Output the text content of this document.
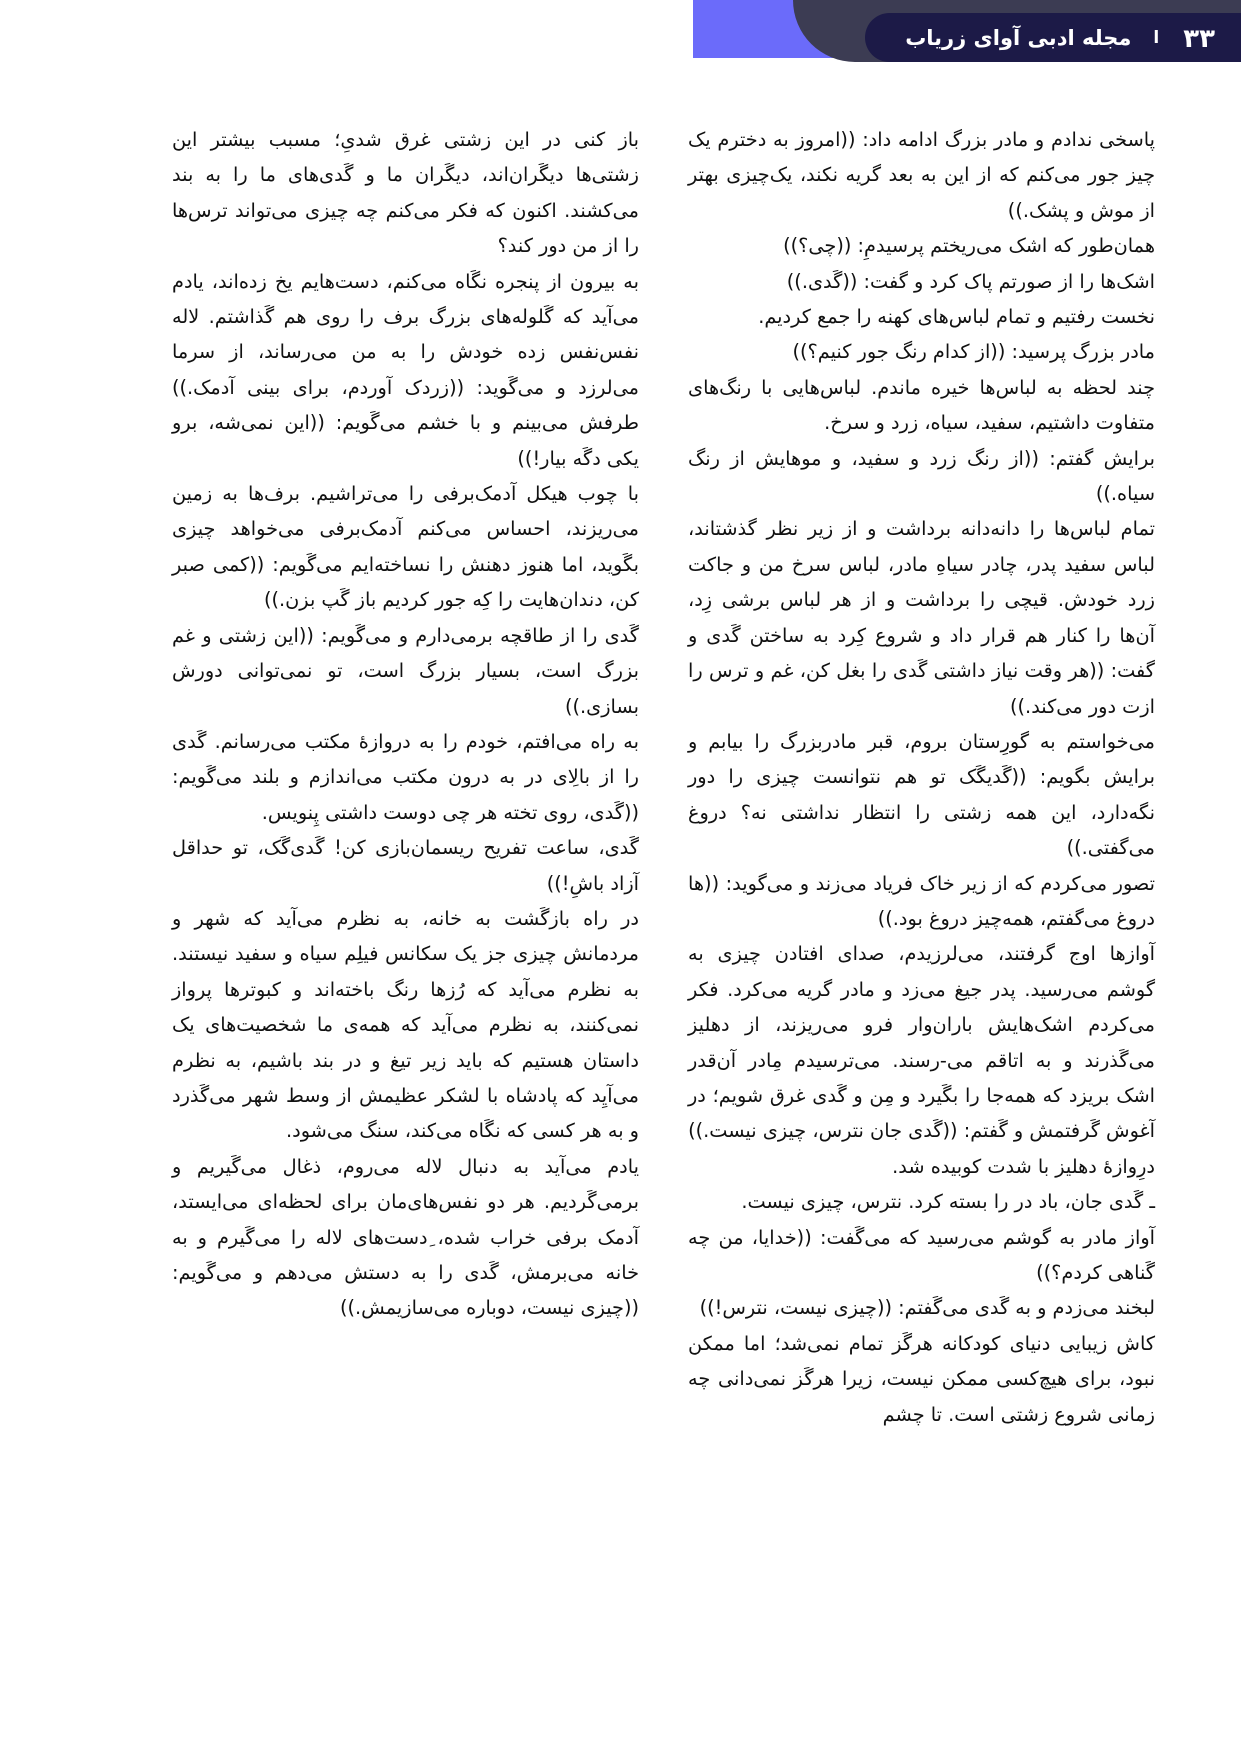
۳۳
ا
مجله ادبی آوای زریاب

پاسخی ندادم و مادر بزرگ ادامه داد: ((امروز به دخترم یک چیز جور می‌کنم که از این به بعد گریه نکند، یک‌چیزی بهتر از موش و پشک.))

همان‌طور که اشک می‌ریختم پرسیدمِ: ((چی؟))

اشک‌ها را از صورتم پاک کرد و گفت: ((گَدی.))

نخست رفتیم و تمام لباس‌های کهنه را جمع کردیم.

مادر بزرگ پرسید: ((از کدام رنگ جور کنیم؟))

چند لحظه به لباس‌ها خیره ماندم. لباس‌هایی با رنگ‌های متفاوت داشتیم، سفید، سیاه، زرد و سرخ.

برایش گفتم: ((از رنگ زرد و سفید، و موهایش از رنگ سیاه.))

تمام لباس‌ها را دانه‌دانه برداشت و از زیر نظر گذشتاند، لباس سفید پدر، چادر سیاهِ مادر، لباس سرخ من و جاکت زرد خودش. قیچی را برداشت و از هر لباس برشی زِد، آن‌ها را کنار هم قرار داد و شروع کِرد به ساختن گَدی و گفت: ((هر وقت نیاز داشتی گَدی را بغل کن، غم و ترس را ازت دور می‌کند.))

می‌خواستم به گورِستان بروم، قبر مادربزرگ را بیابم و برایش بگویم: ((گَدیگَک تو هم نتوانست چیزی را دور نگه‌دارد، این همه زشتی را انتظار نداشتی نه؟ دروغ می‌گفتی.))

تصور می‌کردم که از زیر خاک فریاد می‌زند و می‌گوید: ((ها دروغ می‌گفتم، همه‌چیز دروغ بود.))

آوازها اوج گرفتند، می‌لرزیدم، صدای افتادن چیزی به گوشم می‌رسید. پدر جیغ می‌زد و مادر گریه می‌کرد. فکر می‌کردم اشک‌هایش باران‌وار فرو می‌ریزند، از دهلیز می‌گَذرند و به اتاقم می‌-رسند. می‌ترسیدم مِادر آن‌قدر اشک بریزد که همه‌جا را بگَیرد و مِن و گَدی غرق شویم؛ در آغوش گَرفتمش و گَفتم: ((گَدی جان نترس، چیزی نیست.))

درِوازهٔ دهلیز با شدت کوبیده شد.

ـ گَدی جان، باد در را بسته کرد. نترس، چیزی نیست.

آواز مادر به گوشم می‌رسید که می‌گَفت: ((خدایا، من چه گَناهی کردم؟))

لبخند می‌زدم و به گَدی می‌گَفتم: ((چیزی نیست، نترس!))

کاش زیبایی دنیای کودکانه هرگَز تمام نمی‌شد؛ اما ممکن نبود، برای هیچ‌کسی ممکن نیست، زیرا هرگَز نمی‌دانی چه زمانی شروع زشتی است. تا چشم

باز کنی در این زشتی غرق شدیِ؛ مسبب بیشتر این زشتی‌ها دیگَران‌اند، دیگَران ما و گَدی‌های ما را به بند می‌کشند. اکنون که فکر می‌کنم چه چیزی می‌تواند ترس‌ها را از من دور کند؟

به بیرون از پنجره نگَاه می‌کنم، دست‌هایم یخ زده‌اند، یادم می‌آید که گَلوله‌های بزرگ برف را روی هم گَذاشتم. لاله نفس‌نفس زده خودش را به من می‌رساند، از سرما می‌لرزد و می‌گَوید: ((زردک آوردم، برای بینی آدمک.)) طرفش می‌بینم و با خشم می‌گَویم: ((این نمی‌شه، برو یکی دگَه بیار!))

با چوب هیکل آدمک‌برفی را می‌تراشیم. برف‌ها به زمین می‌ریزند، احساس می‌کنم آدمک‌برفی می‌خواهد چیزی بگَوید، اما هنوز دهنش را نساخته‌ایم می‌گَویم: ((کمی صبر کن، دندان‌هایت را کِه جور کردیم باز گَپ بزن.))

گَدی را از طاقچه برمی‌دارم و می‌گَویم: ((این زشتی و غم بزرگ است، بسیار بزرگ است، تو نمی‌توانی دورش بسازی.))

به راه می‌افتم، خودم را به دروازهٔ مکتب می‌رسانم. گَدی را از بالِای در به درون مکتب می‌اندازم و بلند می‌گَویم: ((گَدی، روی تخته هر چی دوست داشتی پِنویس.

گَدی، ساعت تفریح ریسمان‌بازی کن! گَدی‌گَک، تو حداقل آزاد باشِ!))

در راه بازگَشت به خانه، به نظرم می‌آید که شهر و مردمانش چیزی جز یک سکانس فیلِم سیاه و سفید نیستند. به نظرم می‌آید که رُزها رنگ باخته‌اند و کبوترها پرواز نمی‌کنند، به نظرم می‌آید که همه‌ی ما شخصیت‌های یک داستان هستیم که باید زیر تیغ و در بند باشیم، به نظرم می‌آیِد که پادشاه با لشکر عظیمش از وسط شهر می‌گَذرد و به هر کسی که نگَاه می‌کند، سنگ می‌شود.

یادم می‌آید به دنبال لاله می‌روم، ذغال می‌گَیریم و برمی‌گَردیم. هر دو نفس‌های‌مان برای لحظه‌ای می‌ایستد، آدمک برفی خراب شده، ِدست‌های لاله را می‌گَیرم و به خانه می‌برمش، گَدی را به دستش می‌دهم و می‌گَویم: ((چیزی نیست، دوباره می‌سازیمش.))
